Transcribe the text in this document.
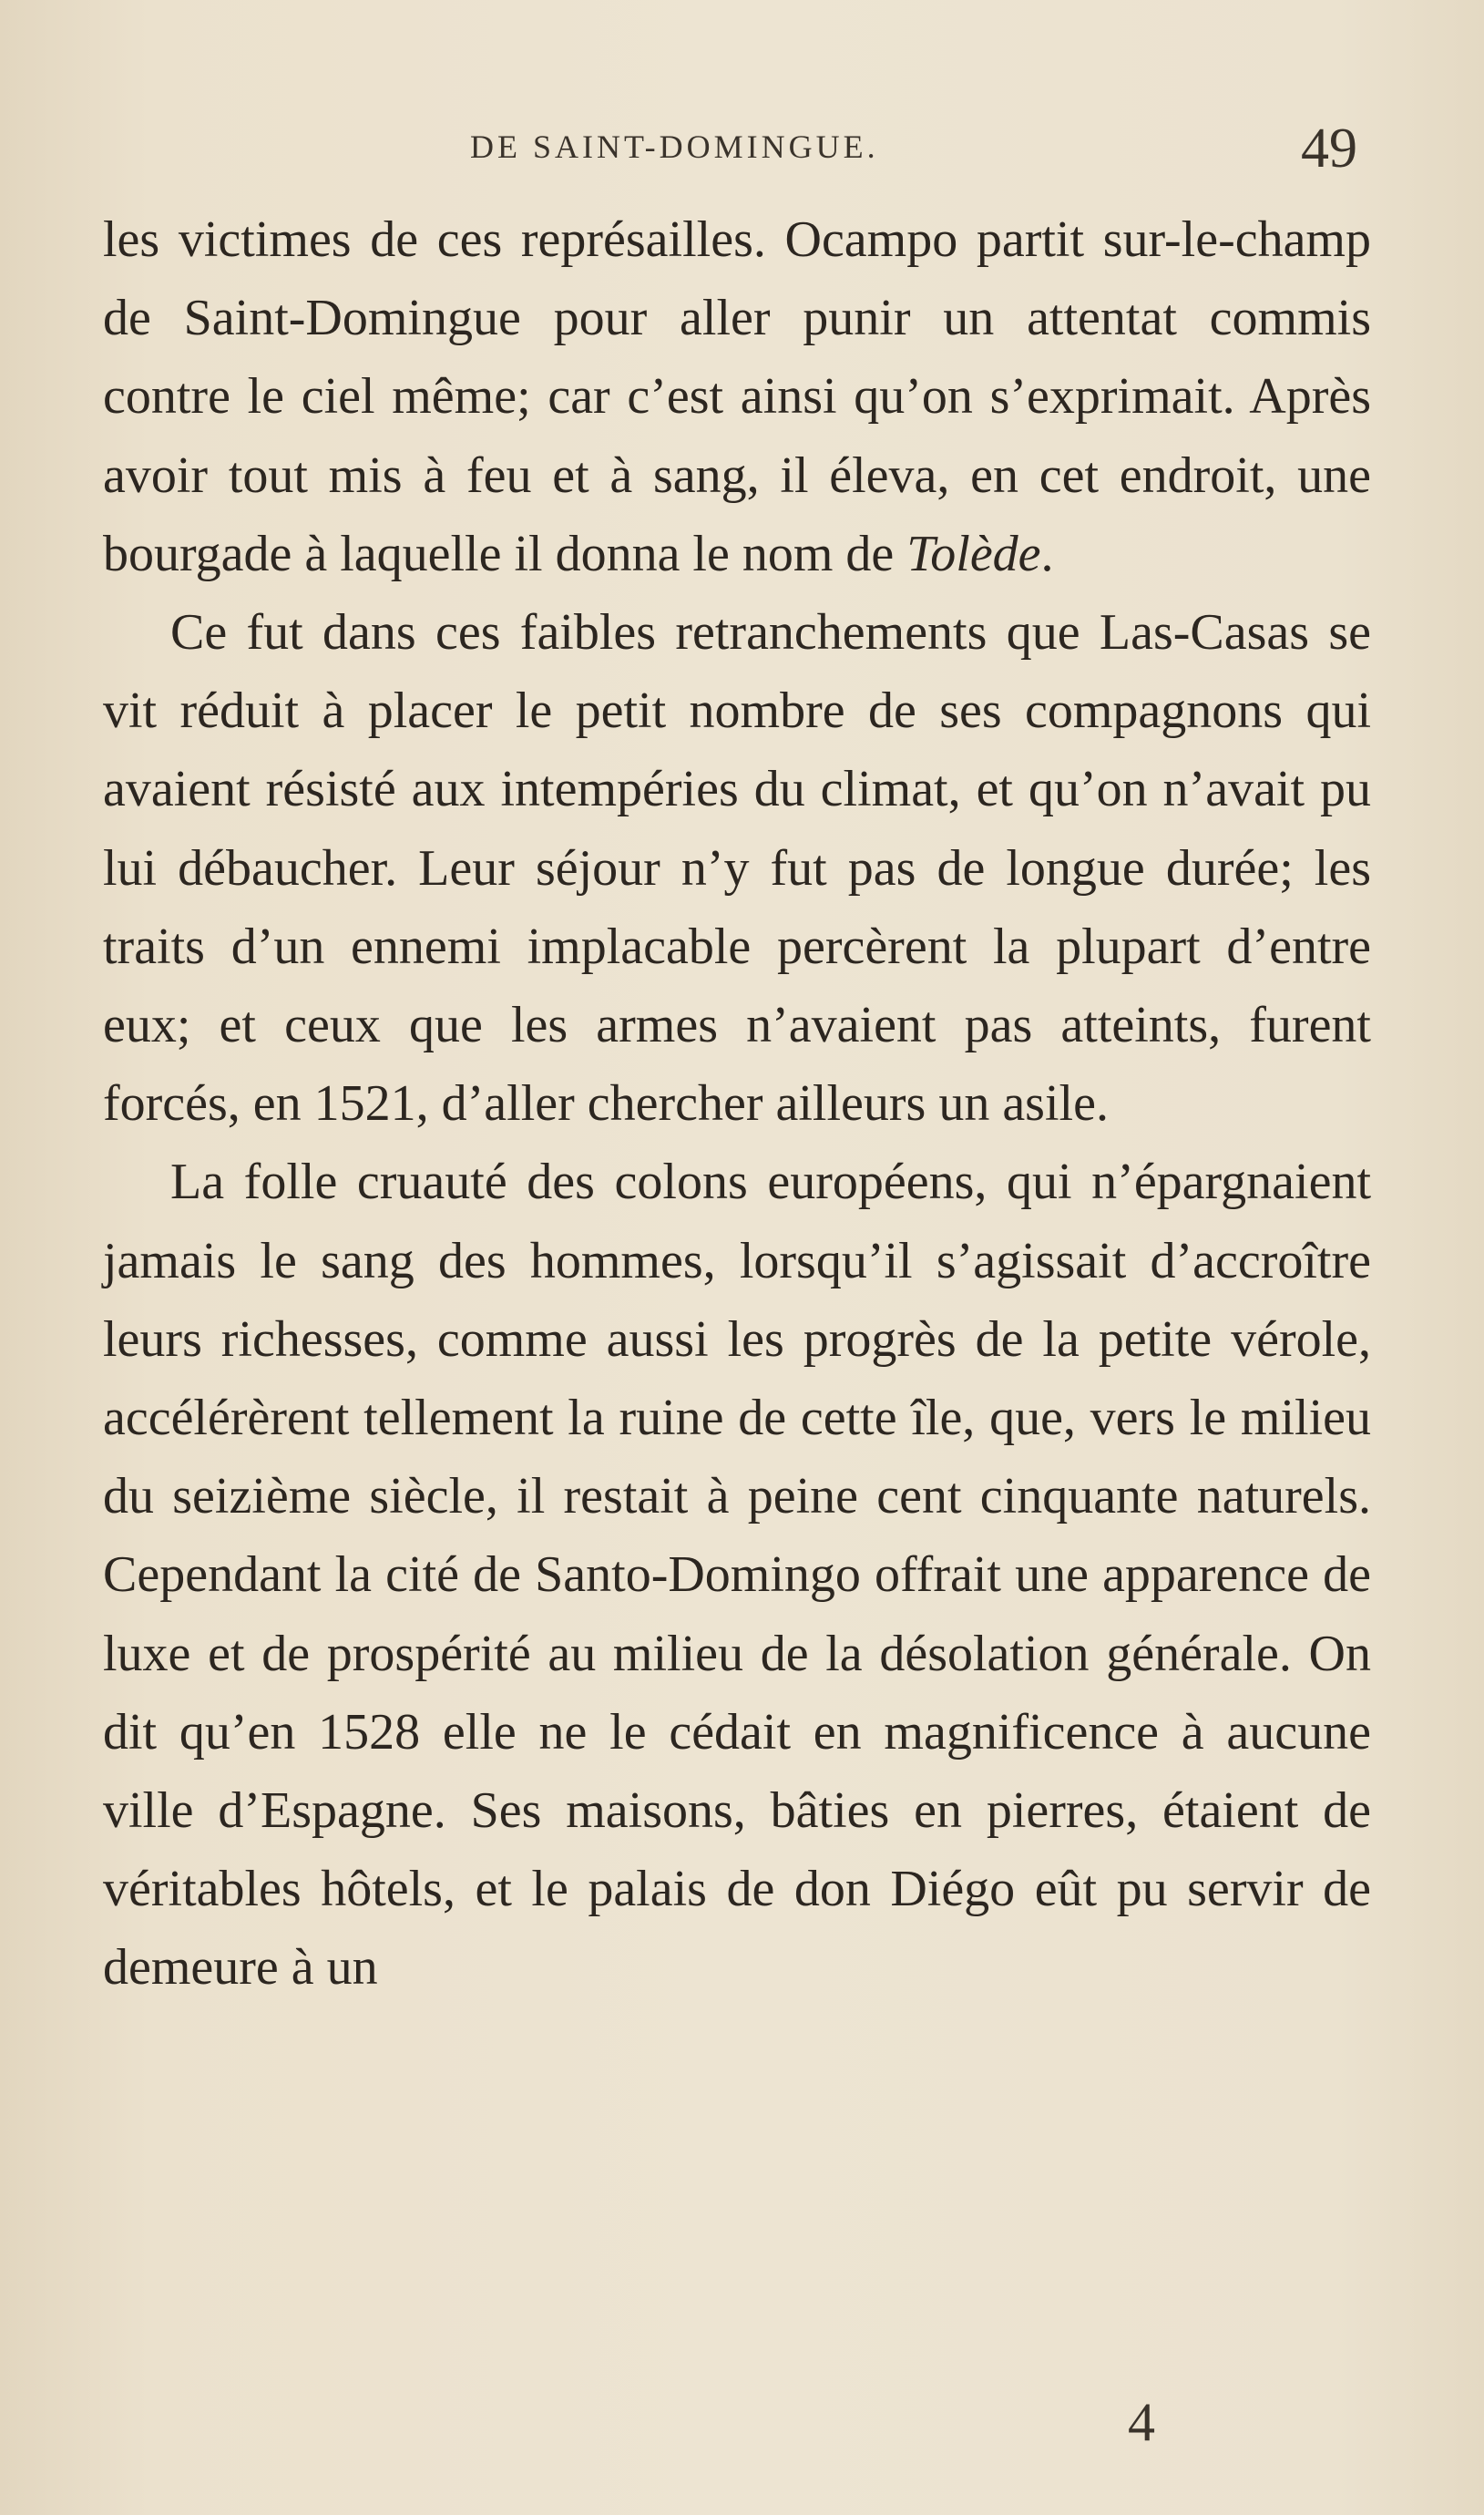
DE SAINT-DOMINGUE.	49

les victimes de ces représailles. Ocampo partit sur-le-champ de Saint-Domingue pour aller punir un attentat commis contre le ciel même; car c’est ainsi qu’on s’exprimait. Après avoir tout mis à feu et à sang, il éleva, en cet endroit, une bourgade à laquelle il donna le nom de Tolède.

Ce fut dans ces faibles retranchements que Las-Casas se vit réduit à placer le petit nombre de ses compagnons qui avaient résisté aux intempéries du climat, et qu’on n’avait pu lui débaucher. Leur séjour n’y fut pas de longue durée; les traits d’un ennemi implacable percèrent la plupart d’entre eux; et ceux que les armes n’avaient pas atteints, furent forcés, en 1521, d’aller chercher ailleurs un asile.

La folle cruauté des colons européens, qui n’épargnaient jamais le sang des hommes, lorsqu’il s’agissait d’accroître leurs richesses, comme aussi les progrès de la petite vérole, accélérèrent tellement la ruine de cette île, que, vers le milieu du seizième siècle, il restait à peine cent cinquante naturels. Cependant la cité de Santo-Domingo offrait une apparence de luxe et de prospérité au milieu de la désolation générale. On dit qu’en 1528 elle ne le cédait en magnificence à aucune ville d’Espagne. Ses maisons, bâties en pierres, étaient de véritables hôtels, et le palais de don Diégo eût pu servir de demeure à un

4
